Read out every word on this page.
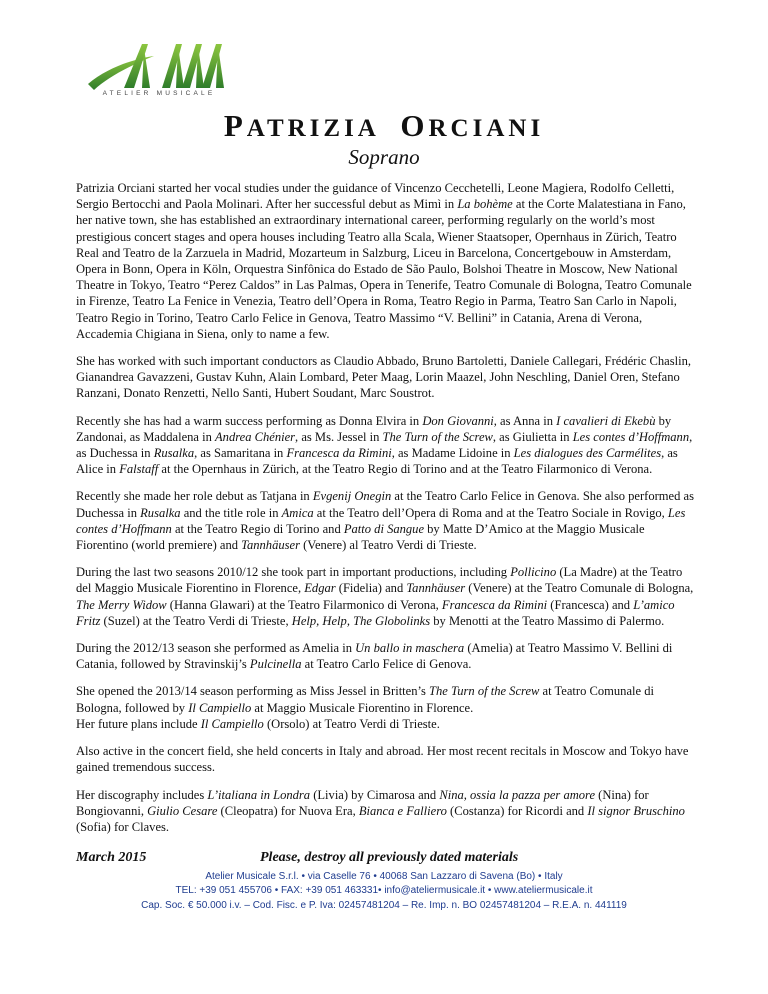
ATELIER MUSICALE
PATRIZIA ORCIANI
Soprano

Patrizia Orciani started her vocal studies under the guidance of Vincenzo Cecchetelli, Leone Magiera, Rodolfo Celletti, Sergio Bertocchi and Paola Molinari. After her successful debut as Mimì in La bohème at the Corte Malatestiana in Fano, her native town, she has established an extraordinary international career, performing regularly on the world’s most prestigious concert stages and opera houses including Teatro alla Scala, Wiener Staatsoper, Opernhaus in Zürich, Teatro Real and Teatro de la Zarzuela in Madrid, Mozarteum in Salzburg, Liceu in Barcelona, Concertgebouw in Amsterdam, Opera in Bonn, Opera in Köln, Orquestra Sinfônica do Estado de São Paulo, Bolshoi Theatre in Moscow, New National Theatre in Tokyo, Teatro “Perez Caldos” in Las Palmas, Opera in Tenerife, Teatro Comunale di Bologna, Teatro Comunale in Firenze, Teatro La Fenice in Venezia, Teatro dell’Opera in Roma, Teatro Regio in Parma, Teatro San Carlo in Napoli, Teatro Regio in Torino, Teatro Carlo Felice in Genova, Teatro Massimo “V. Bellini” in Catania, Arena di Verona, Accademia Chigiana in Siena, only to name a few.

She has worked with such important conductors as Claudio Abbado, Bruno Bartoletti, Daniele Callegari, Frédéric Chaslin, Gianandrea Gavazzeni, Gustav Kuhn, Alain Lombard, Peter Maag, Lorin Maazel, John Neschling, Daniel Oren, Stefano Ranzani, Donato Renzetti, Nello Santi, Hubert Soudant, Marc Soustrot.

Recently she has had a warm success performing as Donna Elvira in Don Giovanni, as Anna in I cavalieri di Ekebù by Zandonai, as Maddalena in Andrea Chénier, as Ms. Jessel in The Turn of the Screw, as Giulietta in Les contes d’Hoffmann, as Duchessa in Rusalka, as Samaritana in Francesca da Rimini, as Madame Lidoine in Les dialogues des Carmélites, as Alice in Falstaff at the Opernhaus in Zürich, at the Teatro Regio di Torino and at the Teatro Filarmonico di Verona.

Recently she made her role debut as Tatjana in Evgenij Onegin at the Teatro Carlo Felice in Genova. She also performed as Duchessa in Rusalka and the title role in Amica at the Teatro dell’Opera di Roma and at the Teatro Sociale in Rovigo, Les contes d’Hoffmann at the Teatro Regio di Torino and Patto di Sangue by Matte D’Amico at the Maggio Musicale Fiorentino (world premiere) and Tannhäuser (Venere) al Teatro Verdi di Trieste.

During the last two seasons 2010/12 she took part in important productions, including Pollicino (La Madre) at the Teatro del Maggio Musicale Fiorentino in Florence, Edgar (Fidelia) and Tannhäuser (Venere) at the Teatro Comunale di Bologna, The Merry Widow (Hanna Glawari) at the Teatro Filarmonico di Verona, Francesca da Rimini (Francesca) and L’amico Fritz (Suzel) at the Teatro Verdi di Trieste, Help, Help, The Globolinks by Menotti at the Teatro Massimo di Palermo.

During the 2012/13 season she performed as Amelia in Un ballo in maschera (Amelia) at Teatro Massimo V. Bellini di Catania, followed by Stravinskij’s Pulcinella at Teatro Carlo Felice di Genova.

She opened the 2013/14 season performing as Miss Jessel in Britten’s The Turn of the Screw at Teatro Comunale di Bologna, followed by Il Campiello at Maggio Musicale Fiorentino in Florence.
Her future plans include Il Campiello (Orsolo) at Teatro Verdi di Trieste.

Also active in the concert field, she held concerts in Italy and abroad. Her most recent recitals in Moscow and Tokyo have gained tremendous success.

Her discography includes L’italiana in Londra (Livia) by Cimarosa and Nina, ossia la pazza per amore (Nina) for Bongiovanni, Giulio Cesare (Cleopatra) for Nuova Era, Bianca e Falliero (Costanza) for Ricordi and Il signor Bruschino (Sofia) for Claves.

March 2015	Please, destroy all previously dated materials
Atelier Musicale S.r.l. • via Caselle 76 • 40068 San Lazzaro di Savena (Bo) • Italy
TEL: +39 051 455706 • FAX: +39 051 463331• info@ateliermusicale.it • www.ateliermusicale.it
Cap. Soc. € 50.000 i.v. – Cod. Fisc. e P. Iva: 02457481204 – Re. Imp. n. BO 02457481204 – R.E.A. n. 441119
